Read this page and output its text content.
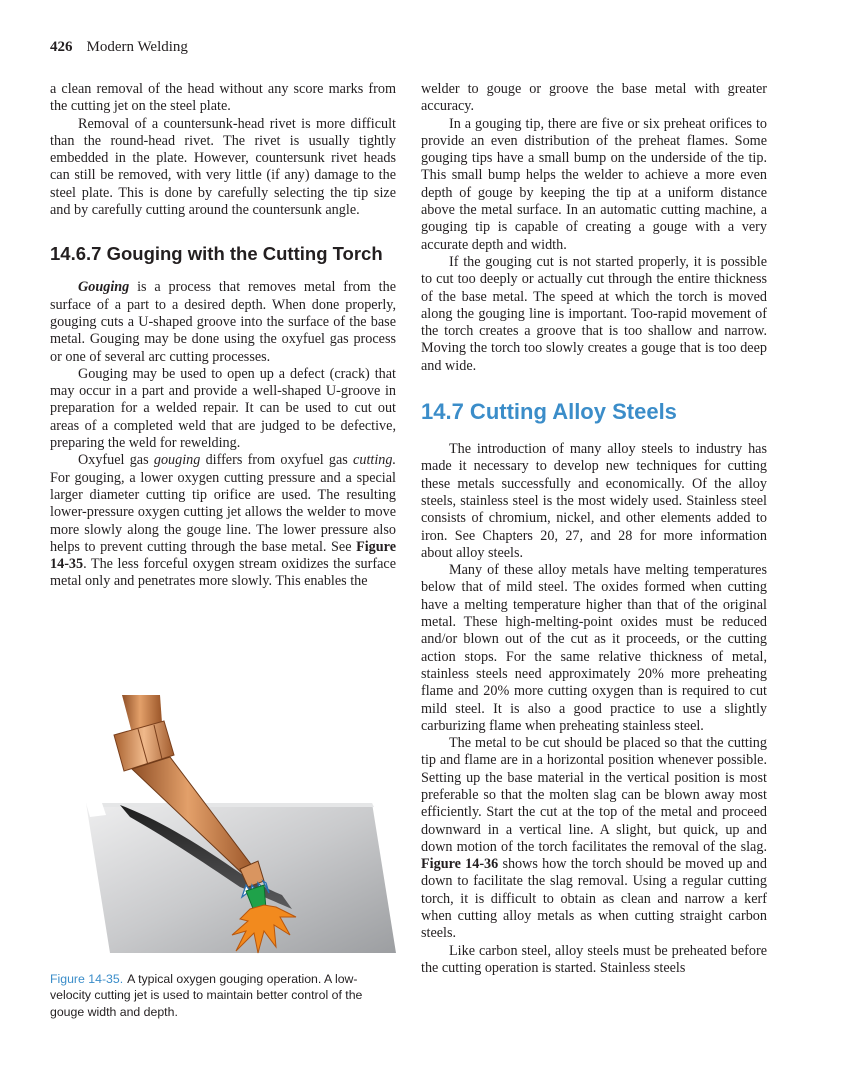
426 Modern Welding

a clean removal of the head without any score marks from the cutting jet on the steel plate.

Removal of a countersunk-head rivet is more difficult than the round-head rivet. The rivet is usually tightly embedded in the plate. However, countersunk rivet heads can still be removed, with very little (if any) damage to the steel plate. This is done by carefully selecting the tip size and by carefully cutting around the countersunk angle.

14.6.7 Gouging with the Cutting Torch

Gouging is a process that removes metal from the surface of a part to a desired depth. When done properly, gouging cuts a U-shaped groove into the surface of the base metal. Gouging may be done using the oxyfuel gas process or one of several arc cutting processes.

Gouging may be used to open up a defect (crack) that may occur in a part and provide a well-shaped U-groove in preparation for a welded repair. It can be used to cut out areas of a completed weld that are judged to be defective, preparing the weld for rewelding.

Oxyfuel gas gouging differs from oxyfuel gas cutting. For gouging, a lower oxygen cutting pressure and a special larger diameter cutting tip orifice are used. The resulting lower-pressure oxygen cutting jet allows the welder to move more slowly along the gouge line. The lower pressure also helps to prevent cutting through the base metal. See Figure 14-35. The less forceful oxygen stream oxidizes the surface metal only and penetrates more slowly. This enables the

Figure 14-35. A typical oxygen gouging operation. A low-velocity cutting jet is used to maintain better control of the gouge width and depth.

welder to gouge or groove the base metal with greater accuracy.

In a gouging tip, there are five or six preheat orifices to provide an even distribution of the preheat flames. Some gouging tips have a small bump on the underside of the tip. This small bump helps the welder to achieve a more even depth of gouge by keeping the tip at a uniform distance above the metal surface. In an automatic cutting machine, a gouging tip is capable of creating a gouge with a very accurate depth and width.

If the gouging cut is not started properly, it is possible to cut too deeply or actually cut through the entire thickness of the base metal. The speed at which the torch is moved along the gouging line is important. Too-rapid movement of the torch creates a groove that is too shallow and narrow. Moving the torch too slowly creates a gouge that is too deep and wide.

14.7 Cutting Alloy Steels

The introduction of many alloy steels to industry has made it necessary to develop new techniques for cutting these metals successfully and economically. Of the alloy steels, stainless steel is the most widely used. Stainless steel consists of chromium, nickel, and other elements added to iron. See Chapters 20, 27, and 28 for more information about alloy steels.

Many of these alloy metals have melting temperatures below that of mild steel. The oxides formed when cutting have a melting temperature higher than that of the original metal. These high-melting-point oxides must be reduced and/or blown out of the cut as it proceeds, or the cutting action stops. For the same relative thickness of metal, stainless steels need approximately 20% more preheating flame and 20% more cutting oxygen than is required to cut mild steel. It is also a good practice to use a slightly carburizing flame when preheating stainless steel.

The metal to be cut should be placed so that the cutting tip and flame are in a horizontal position whenever possible. Setting up the base material in the vertical position is most preferable so that the molten slag can be blown away most efficiently. Start the cut at the top of the metal and proceed downward in a vertical line. A slight, but quick, up and down motion of the torch facilitates the removal of the slag. Figure 14-36 shows how the torch should be moved up and down to facilitate the slag removal. Using a regular cutting torch, it is difficult to obtain as clean and narrow a kerf when cutting alloy metals as when cutting straight carbon steels.

Like carbon steel, alloy steels must be preheated before the cutting operation is started. Stainless steels
